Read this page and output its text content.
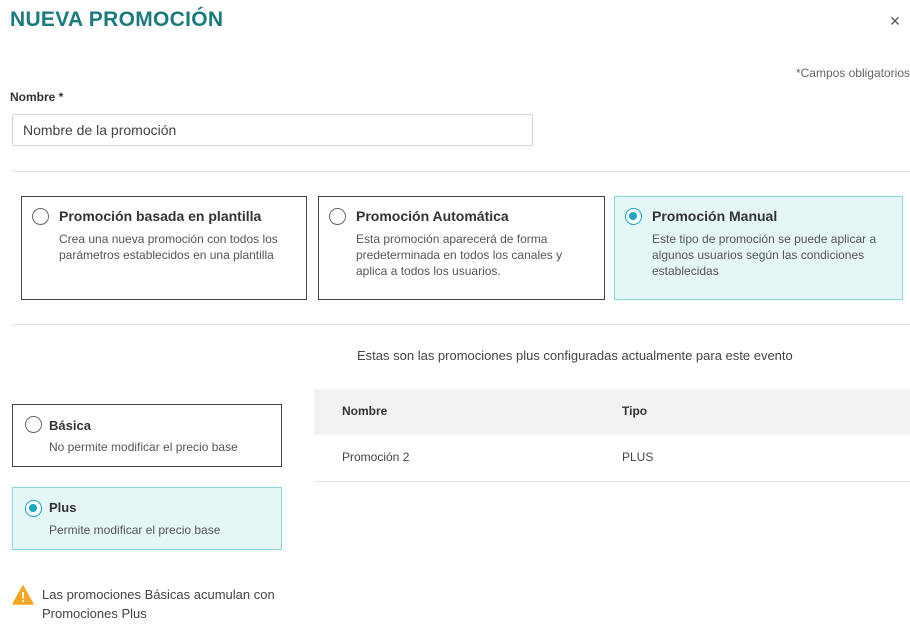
NUEVA PROMOCIÓN	×
*Campos obligatorios
Nombre *
Nombre de la promoción
Promoción basada en plantilla
Crea una nueva promoción con todos los parámetros establecidos en una plantilla
Promoción Automática
Esta promoción aparecerá de forma predeterminada en todos los canales y aplica a todos los usuarios.
Promoción Manual
Este tipo de promoción se puede aplicar a algunos usuarios según las condiciones establecidas
Estas son las promociones plus configuradas actualmente para este evento
Básica
No permite modificar el precio base
Plus
Permite modificar el precio base
Nombre	Tipo
Promoción 2	PLUS
Las promociones Básicas acumulan con Promociones Plus
